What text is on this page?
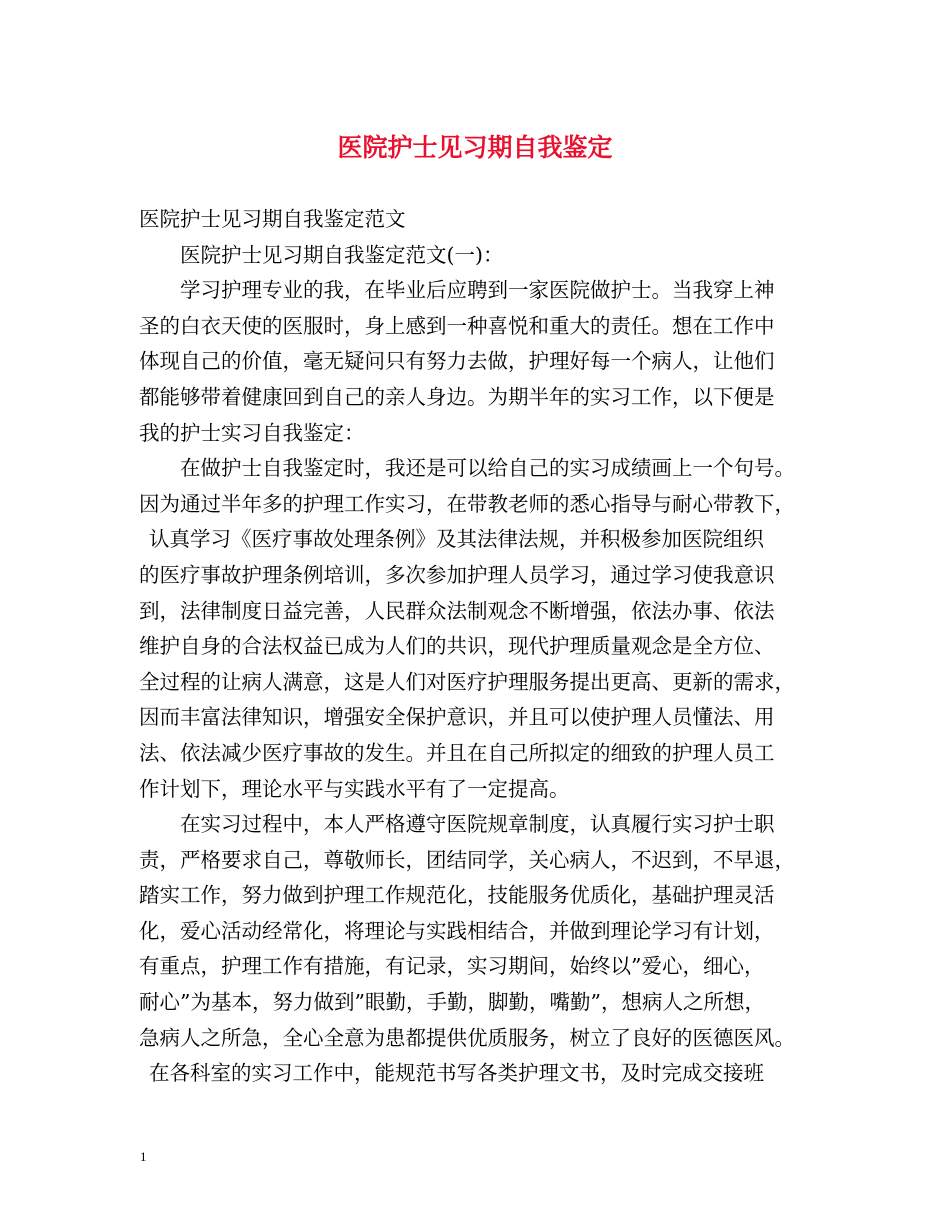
医院护士见习期自我鉴定
医院护士见习期自我鉴定范文
医院护士见习期自我鉴定范文(一)：
学习护理专业的我，在毕业后应聘到一家医院做护士。当我穿上神
圣的白衣天使的医服时，身上感到一种喜悦和重大的责任。想在工作中
体现自己的价值，毫无疑问只有努力去做，护理好每一个病人，让他们
都能够带着健康回到自己的亲人身边。为期半年的实习工作，以下便是
我的护士实习自我鉴定：
在做护士自我鉴定时，我还是可以给自己的实习成绩画上一个句号。
因为通过半年多的护理工作实习，在带教老师的悉心指导与耐心带教下，
认真学习《医疗事故处理条例》及其法律法规，并积极参加医院组织
的医疗事故护理条例培训，多次参加护理人员学习，通过学习使我意识
到，法律制度日益完善，人民群众法制观念不断增强，依法办事、依法
维护自身的合法权益已成为人们的共识，现代护理质量观念是全方位、
全过程的让病人满意，这是人们对医疗护理服务提出更高、更新的需求，
因而丰富法律知识，增强安全保护意识，并且可以使护理人员懂法、用
法、依法减少医疗事故的发生。并且在自己所拟定的细致的护理人员工
作计划下，理论水平与实践水平有了一定提高。
在实习过程中，本人严格遵守医院规章制度，认真履行实习护士职
责，严格要求自己，尊敬师长，团结同学，关心病人，不迟到，不早退，
踏实工作，努力做到护理工作规范化，技能服务优质化，基础护理灵活
化，爱心活动经常化，将理论与实践相结合，并做到理论学习有计划，
有重点，护理工作有措施，有记录，实习期间，始终以”爱心，细心，
耐心”为基本，努力做到”眼勤，手勤，脚勤，嘴勤”，想病人之所想，
急病人之所急，全心全意为患都提供优质服务，树立了良好的医德医风。
在各科室的实习工作中，能规范书写各类护理文书，及时完成交接班
1
